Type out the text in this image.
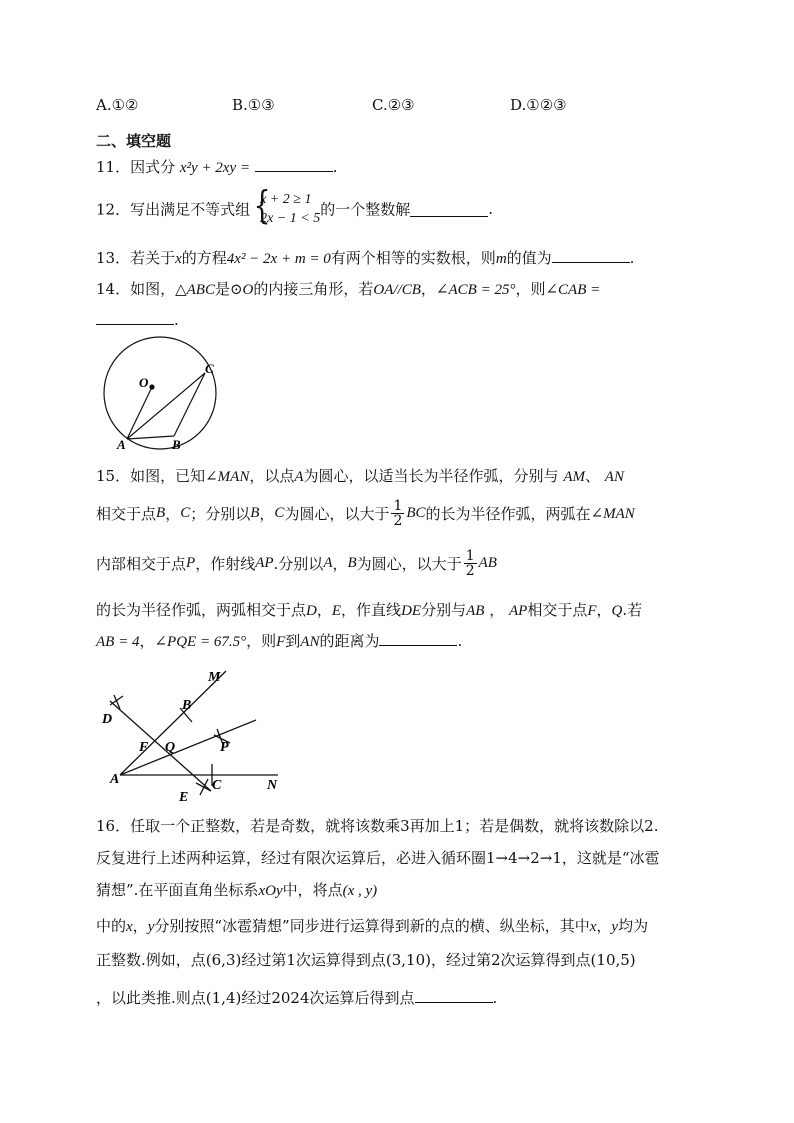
A.①②	B.①③	C.②③	D.①②③
二、填空题
11．因式分 x²y + 2xy =	.
12．写出满足不等式组 {
x + 2 ≥ 1
2x − 1 < 5 的一个整数解	.
13．若关于x的方程4x² − 2x + m = 0有两个相等的实数根，则m的值为	.
14．如图，△ABC是⊙O的内接三角形，若OA//CB，∠ACB = 25°，则∠CAB =
.
O
C
A	B
15．如图，已知∠MAN，以点A为圆心，以适当长为半径作弧，分别与 AM、 AN
相交于点B，C；分别以B，C为圆心，以大于 $\frac{1}{2}$ BC的长为半径作弧，两弧在∠MAN
内部相交于点P，作射线AP.分别以A，B为圆心，以大于 $\frac{1}{2}$ AB
的长为半径作弧，两弧相交于点D，E，作直线DE分别与AB ， AP相交于点F，Q.若
AB = 4，∠PQE = 67.5°，则F到AN的距离为	.
M
D
B
F Q	P
A
E
C	N
16．任取一个正整数，若是奇数，就将该数乘3再加上1；若是偶数，就将该数除以2.
反复进行上述两种运算，经过有限次运算后，必进入循环圈1→4→2→1，这就是“冰雹
猜想”.在平面直角坐标系xOy中，将点(x , y)
中的x，y分别按照“冰雹猜想”同步进行运算得到新的点的横、纵坐标，其中x，y均为
正整数.例如，点(6,3)经过第1次运算得到点(3,10)，经过第2次运算得到点(10,5)
，以此类推.则点(1,4)经过2024次运算后得到点	.
